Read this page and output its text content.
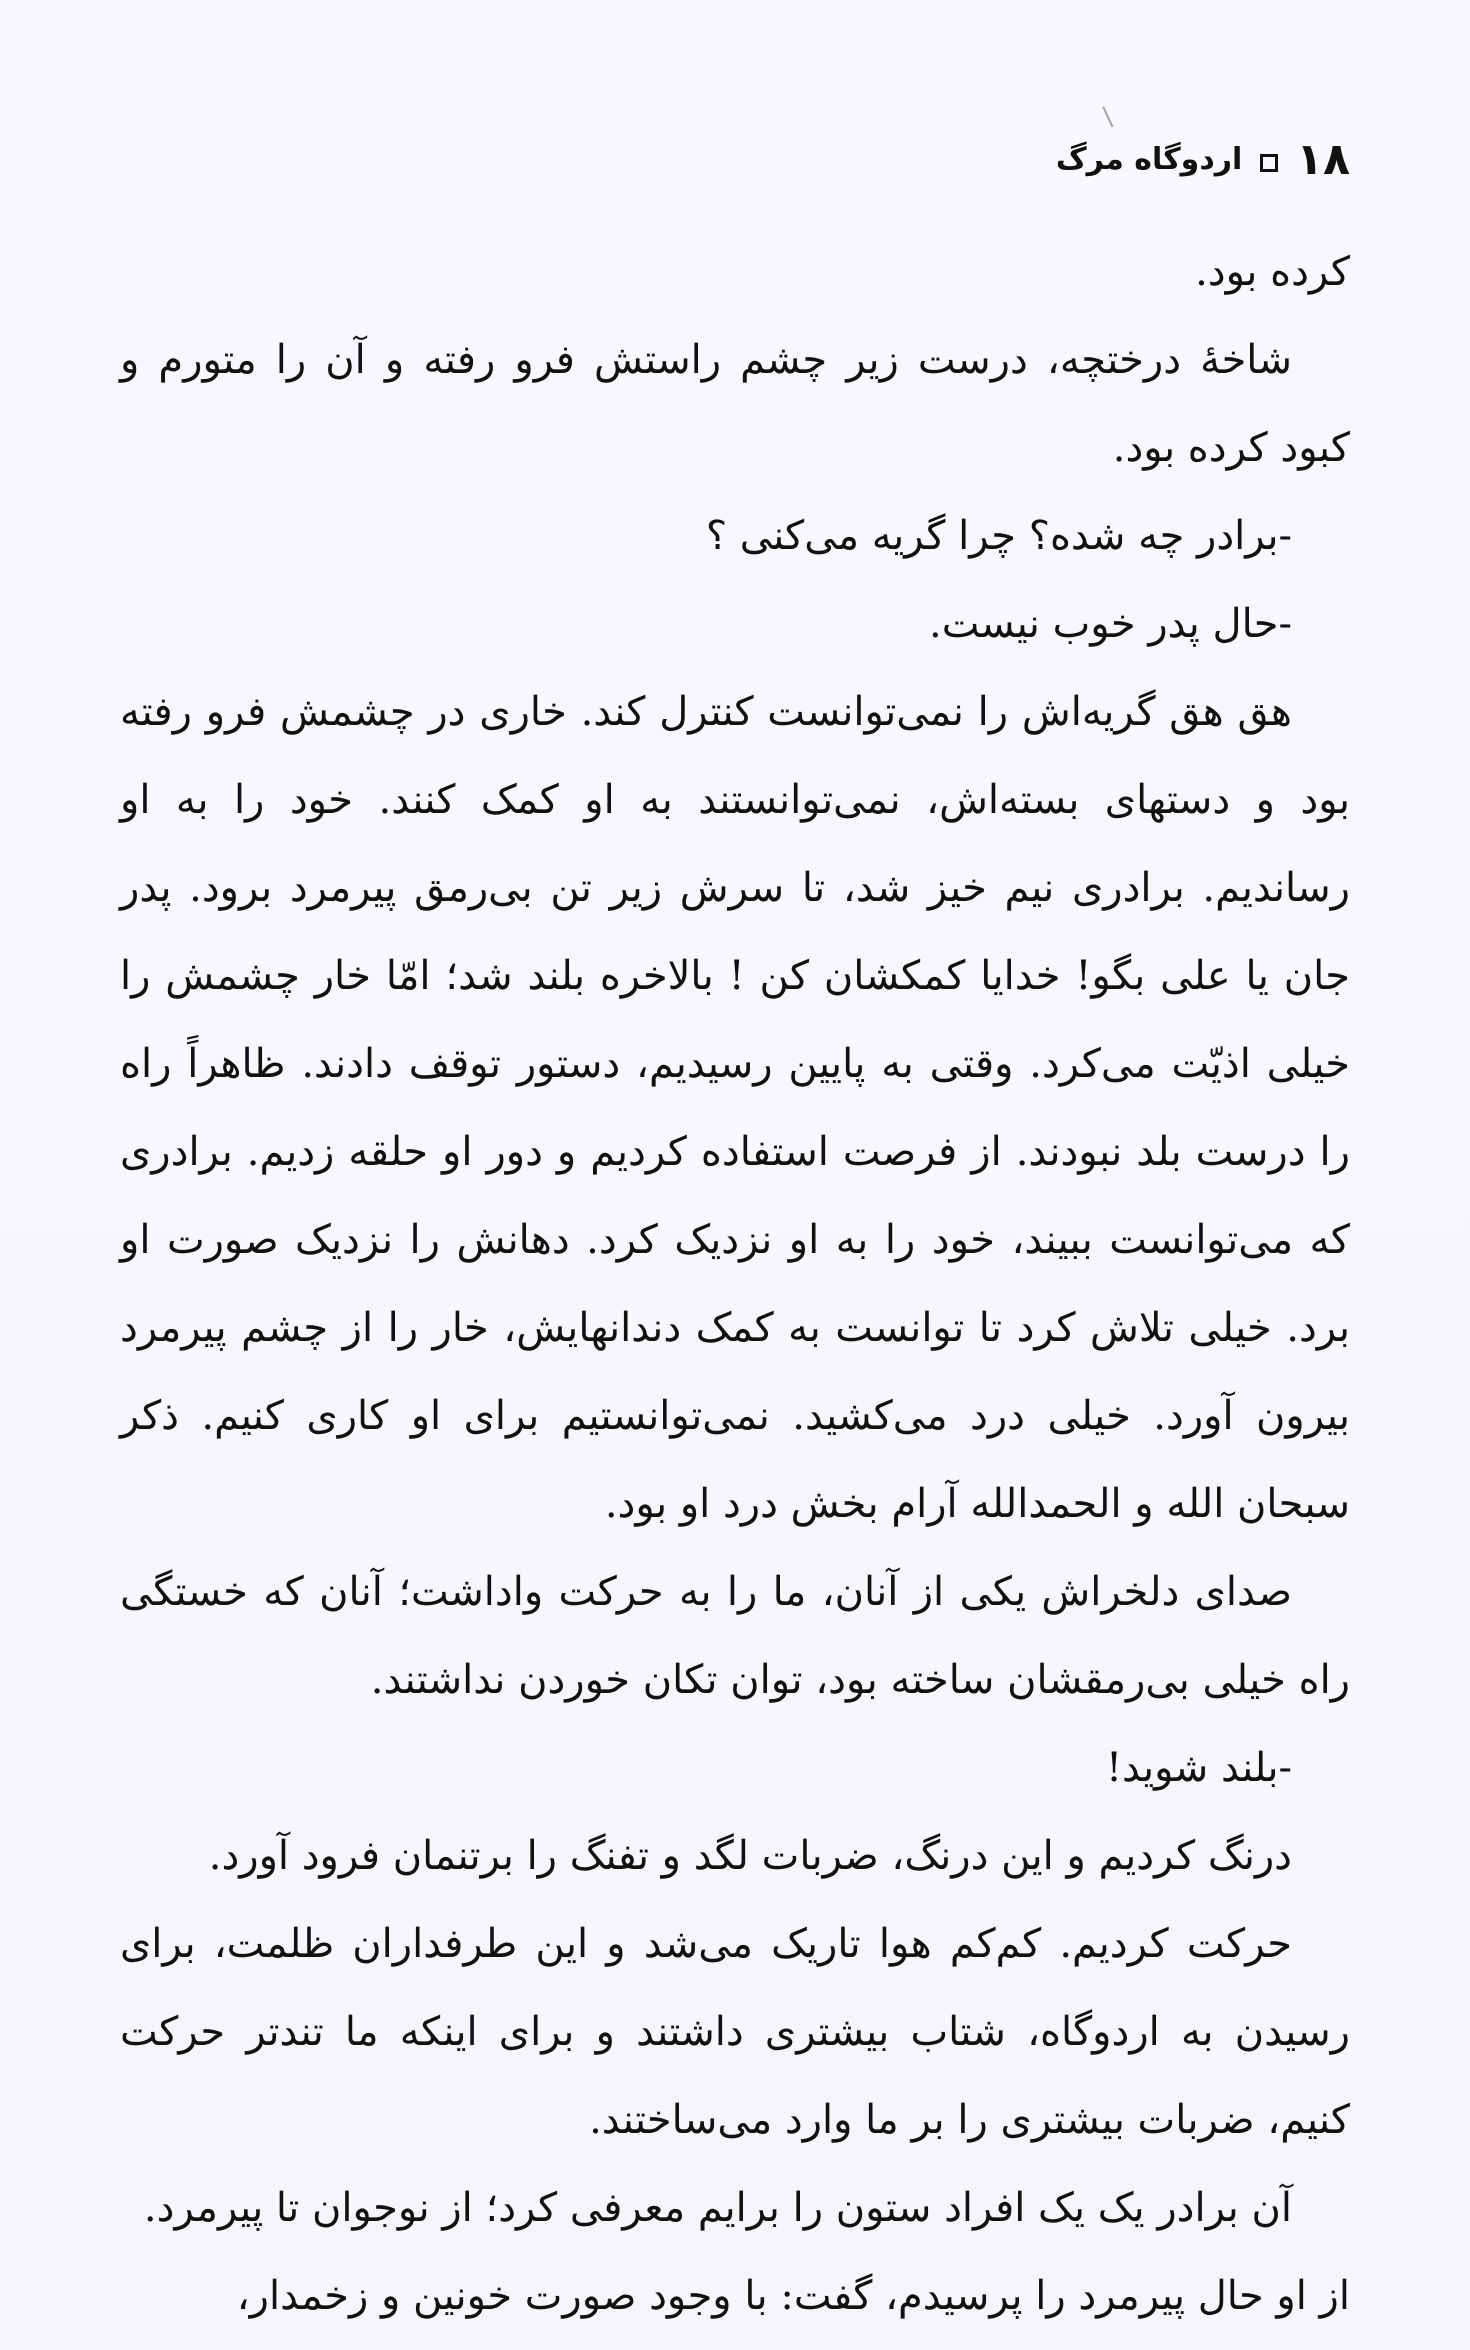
۱۸
اردوگاه مرگ

کرده بود.

شاخهٔ درختچه، درست زیر چشم راستش فرو رفته و آن را متورم و کبود کرده بود.

-برادر چه شده؟ چرا گریه می‌کنی ؟

-حال پدر خوب نیست.

هق هق گریه‌اش را نمی‌توانست کنترل کند. خاری در چشمش فرو رفته بود و دستهای بسته‌اش، نمی‌توانستند به او کمک کنند. خود را به او رساندیم. برادری نیم خیز شد، تا سرش زیر تن بی‌رمق پیرمرد برود. پدر جان یا علی بگو! خدایا کمکشان کن ! بالاخره بلند شد؛ امّا خار چشمش را خیلی اذیّت می‌کرد. وقتی به پایین رسیدیم، دستور توقف دادند. ظاهراً راه را درست بلد نبودند. از فرصت استفاده کردیم و دور او حلقه زدیم. برادری که می‌توانست ببیند، خود را به او نزدیک کرد. دهانش را نزدیک صورت او برد. خیلی تلاش کرد تا توانست به کمک دندانهایش، خار را از چشم پیرمرد بیرون آورد. خیلی درد می‌کشید. نمی‌توانستیم برای او کاری کنیم. ذکر سبحان الله و الحمدالله آرام بخش درد او بود.

صدای دلخراش یکی از آنان، ما را به حرکت واداشت؛ آنان که خستگی راه خیلی بی‌رمقشان ساخته بود، توان تکان خوردن نداشتند.

-بلند شوید!

درنگ کردیم و این درنگ، ضربات لگد و تفنگ را برتنمان فرود آورد.

حرکت کردیم. کم‌کم هوا تاریک می‌شد و این طرفداران ظلمت، برای رسیدن به اردوگاه، شتاب بیشتری داشتند و برای اینکه ما تندتر حرکت کنیم، ضربات بیشتری را بر ما وارد می‌ساختند.

آن برادر یک یک افراد ستون را برایم معرفی کرد؛ از نوجوان تا پیرمرد.

از او حال پیرمرد را پرسیدم، گفت: با وجود صورت خونین و زخمدار،
